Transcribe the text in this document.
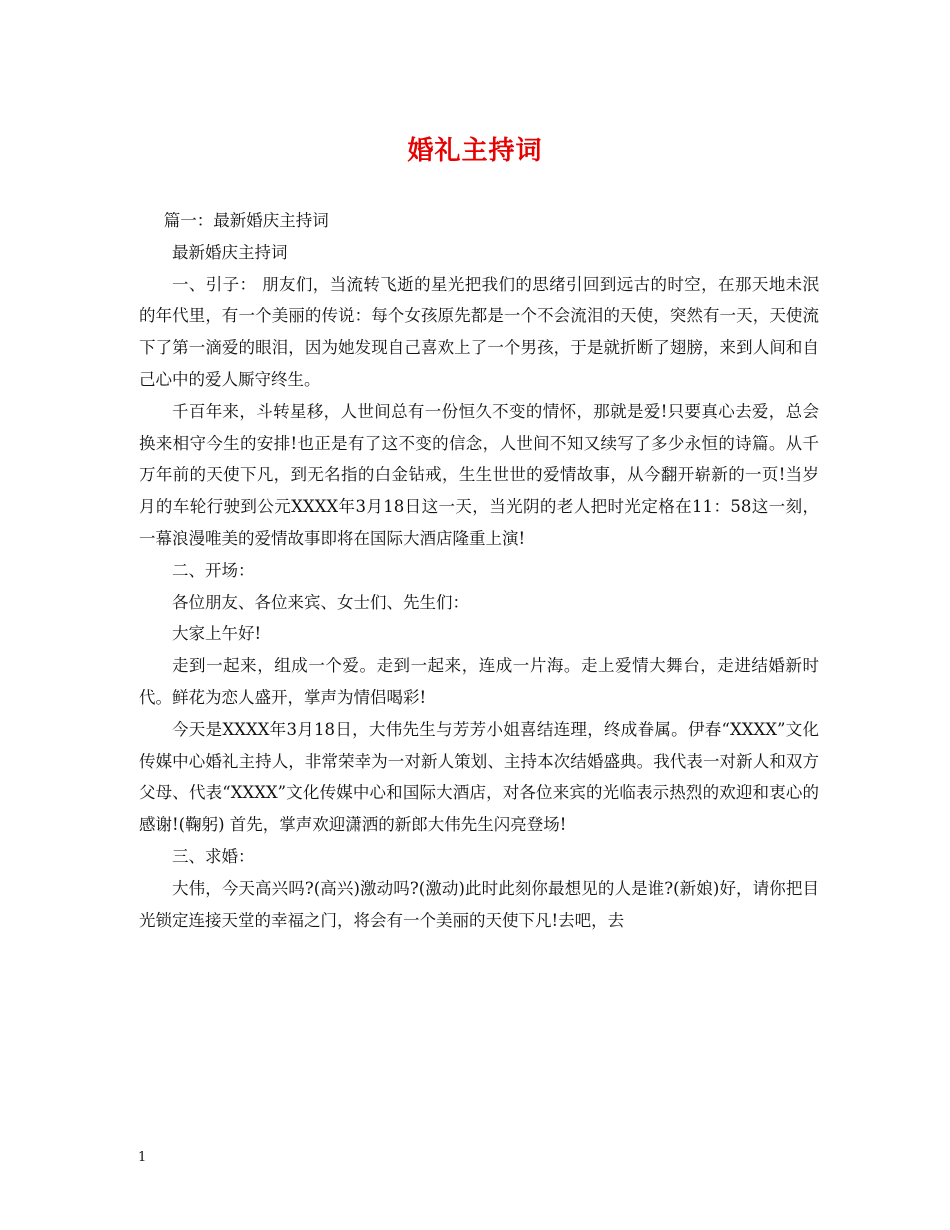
婚礼主持词

篇一：最新婚庆主持词

最新婚庆主持词

一、引子： 朋友们，当流转飞逝的星光把我们的思绪引回到远古的时空，在那天地未泯的年代里，有一个美丽的传说：每个女孩原先都是一个不会流泪的天使，突然有一天，天使流下了第一滴爱的眼泪，因为她发现自己喜欢上了一个男孩，于是就折断了翅膀，来到人间和自己心中的爱人厮守终生。

千百年来，斗转星移，人世间总有一份恒久不变的情怀，那就是爱!只要真心去爱，总会换来相守今生的安排!也正是有了这不变的信念，人世间不知又续写了多少永恒的诗篇。从千万年前的天使下凡，到无名指的白金钻戒，生生世世的爱情故事，从今翻开崭新的一页!当岁月的车轮行驶到公元XXXX年3月18日这一天，当光阴的老人把时光定格在11：58这一刻，一幕浪漫唯美的爱情故事即将在国际大酒店隆重上演!

二、开场：

各位朋友、各位来宾、女士们、先生们：

大家上午好!

走到一起来，组成一个爱。走到一起来，连成一片海。走上爱情大舞台，走进结婚新时代。鲜花为恋人盛开，掌声为情侣喝彩!

今天是XXXX年3月18日，大伟先生与芳芳小姐喜结连理，终成眷属。伊春“XXXX”文化传媒中心婚礼主持人，非常荣幸为一对新人策划、主持本次结婚盛典。我代表一对新人和双方父母、代表“XXXX”文化传媒中心和国际大酒店，对各位来宾的光临表示热烈的欢迎和衷心的感谢!(鞠躬) 首先，掌声欢迎潇洒的新郎大伟先生闪亮登场!

三、求婚：

大伟，今天高兴吗?(高兴)激动吗?(激动)此时此刻你最想见的人是谁?(新娘)好，请你把目光锁定连接天堂的幸福之门，将会有一个美丽的天使下凡!去吧，去

1
